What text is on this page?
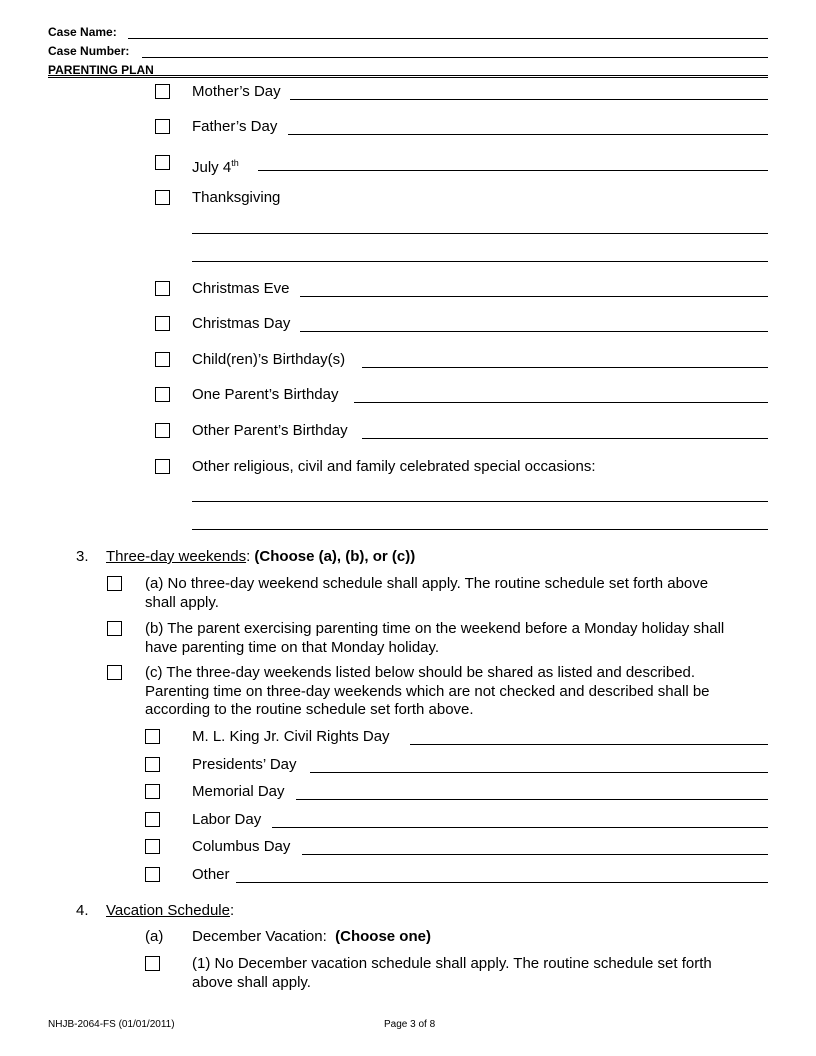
Case Name:
Case Number:
PARENTING PLAN
Mother’s Day
Father’s Day
July 4th
Thanksgiving
Christmas Eve
Christmas Day
Child(ren)’s Birthday(s)
One Parent’s Birthday
Other Parent’s Birthday
Other religious, civil and family celebrated special occasions:
3. Three-day weekends: (Choose (a), (b), or (c))
(a) No three-day weekend schedule shall apply. The routine schedule set forth above
shall apply.
(b) The parent exercising parenting time on the weekend before a Monday holiday shall
have parenting time on that Monday holiday.
(c) The three-day weekends listed below should be shared as listed and described.
Parenting time on three-day weekends which are not checked and described shall be
according to the routine schedule set forth above.
M. L. King Jr. Civil Rights Day
Presidents’ Day
Memorial Day
Labor Day
Columbus Day
Other
4. Vacation Schedule:
(a) December Vacation: (Choose one)
(1) No December vacation schedule shall apply. The routine schedule set forth
above shall apply.
NHJB-2064-FS (01/01/2011)	Page 3 of 8
